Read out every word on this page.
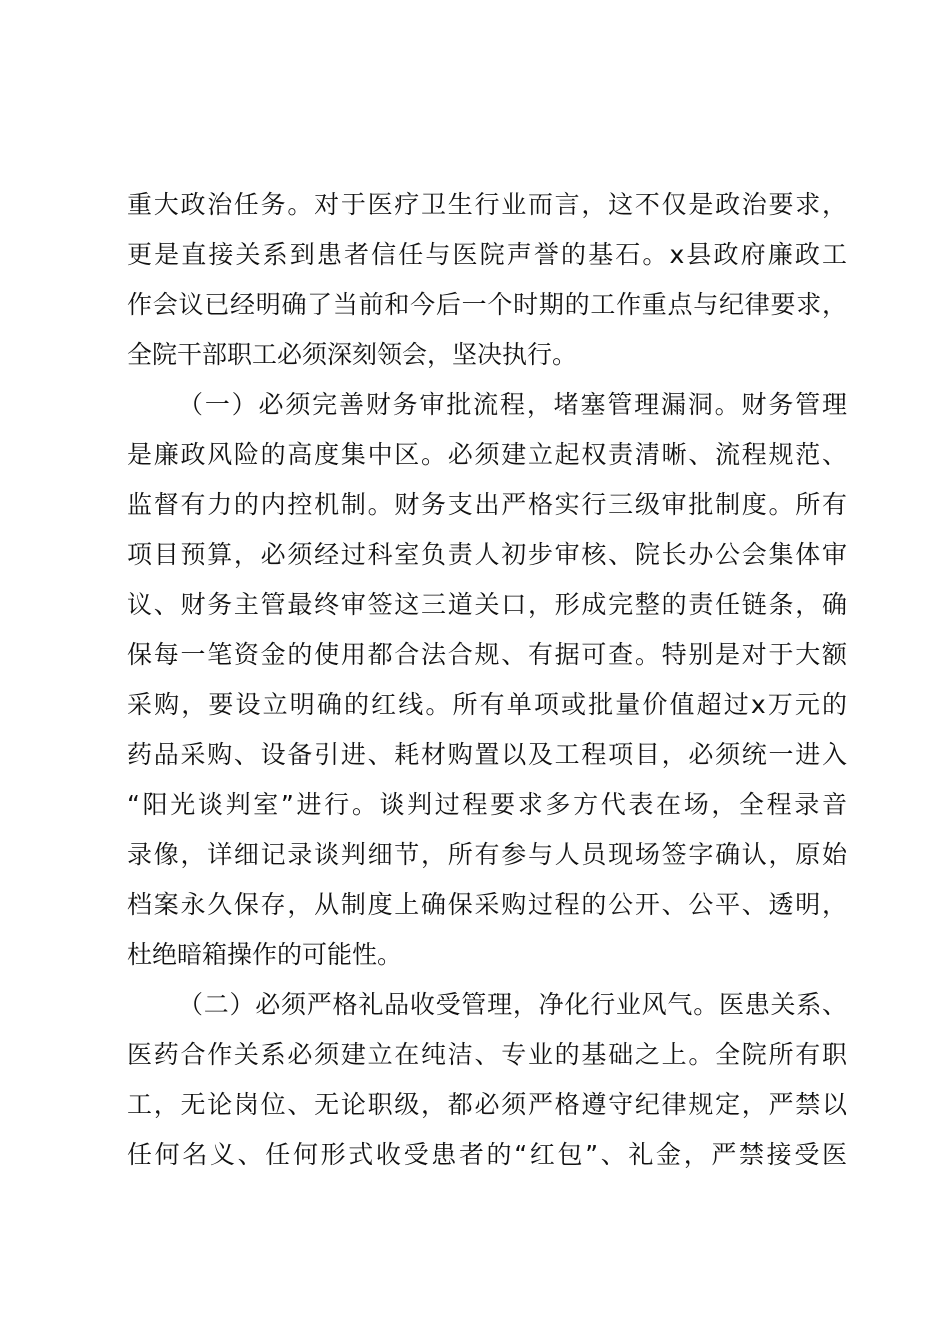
重大政治任务。对于医疗卫生行业而言，这不仅是政治要求，
更是直接关系到患者信任与医院声誉的基石。x县政府廉政工
作会议已经明确了当前和今后一个时期的工作重点与纪律要求，
全院干部职工必须深刻领会，坚决执行。
（一）必须完善财务审批流程，堵塞管理漏洞。财务管理
是廉政风险的高度集中区。必须建立起权责清晰、流程规范、
监督有力的内控机制。财务支出严格实行三级审批制度。所有
项目预算，必须经过科室负责人初步审核、院长办公会集体审
议、财务主管最终审签这三道关口，形成完整的责任链条，确
保每一笔资金的使用都合法合规、有据可查。特别是对于大额
采购，要设立明确的红线。所有单项或批量价值超过x万元的
药品采购、设备引进、耗材购置以及工程项目，必须统一进入
“阳光谈判室”进行。谈判过程要求多方代表在场，全程录音
录像，详细记录谈判细节，所有参与人员现场签字确认，原始
档案永久保存，从制度上确保采购过程的公开、公平、透明，
杜绝暗箱操作的可能性。
（二）必须严格礼品收受管理，净化行业风气。医患关系、
医药合作关系必须建立在纯洁、专业的基础之上。全院所有职
工，无论岗位、无论职级，都必须严格遵守纪律规定，严禁以
任何名义、任何形式收受患者的“红包”、礼金，严禁接受医
